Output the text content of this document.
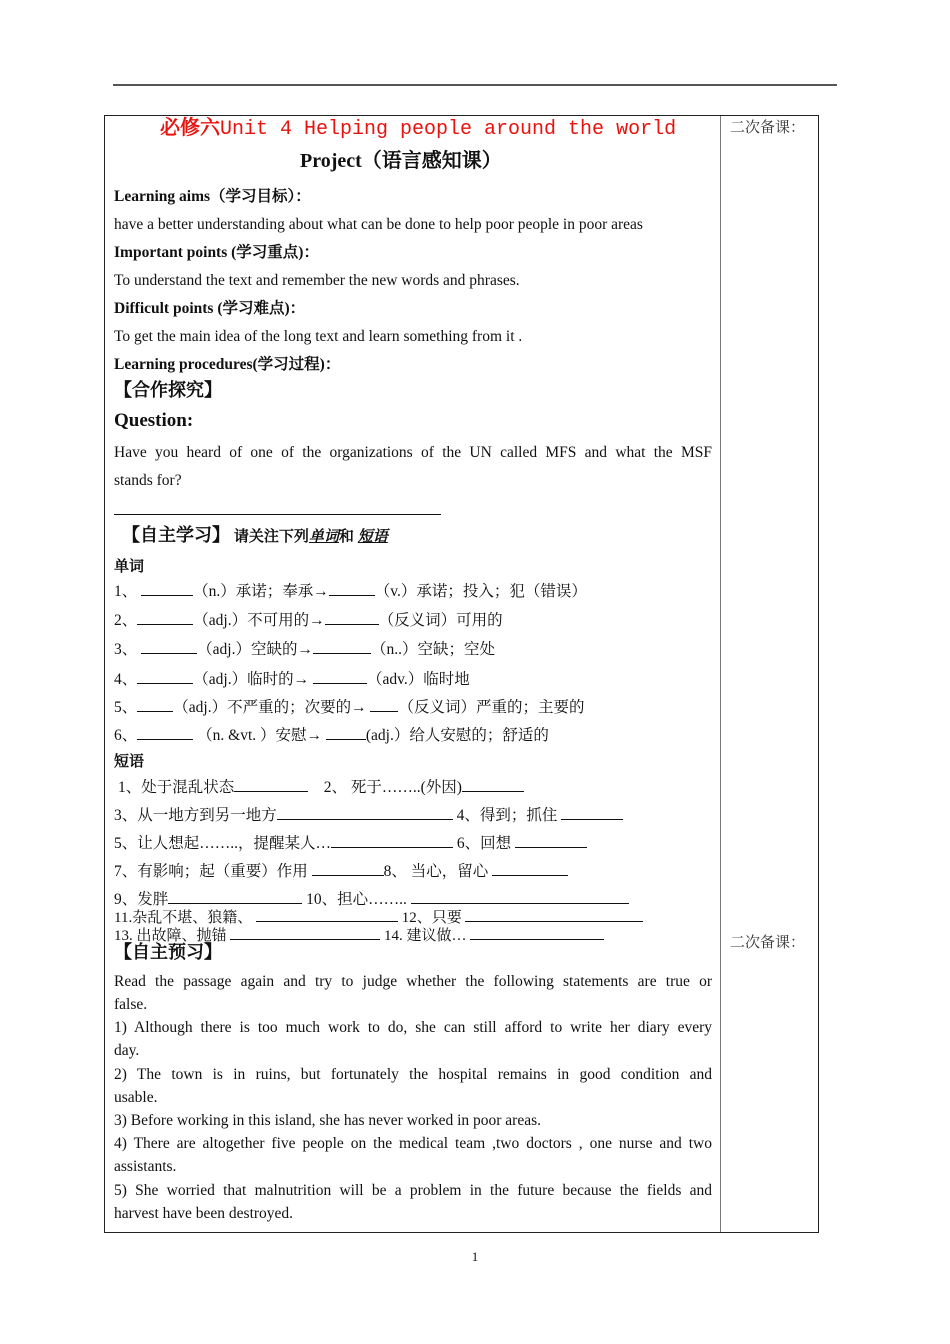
二次备课：
二次备课：
必修六Unit 4 Helping people around the world
Project（语言感知课）
Learning aims（学习目标）：
have a better understanding about what can be done to help poor people in poor areas
Important points (学习重点)：
To understand the text and remember the new words and phrases.
Difficult points (学习难点)：
To get the main idea of the long text and learn something from it .
Learning procedures(学习过程)：
【合作探究】
Question:
Have you heard of one of the organizations of the UN called MFS and what the MSF
stands for?
【自主学习】 请关注下列单词和 短语
单词
1、	（n.）承诺；奉承→	（v.）承诺；投入；犯（错误）
2、	（adj.）不可用的→	（反义词）可用的
3、	（adj.）空缺的→	（n..）空缺；空处
4、	（adj.）临时的→	（adv.）临时地
5、 （adj.）不严重的；次要的→ （反义词）严重的；主要的
6、	（n. &vt. ）安慰→	(adj.）给人安慰的；舒适的
短语
1、处于混乱状态	2、 死于……..(外因)
3、从一地方到另一地方	4、得到；抓住
5、让人想起……..，提醒某人…	6、回想
7、有影响；起（重要）作用	8、 当心，留心
9、发胖	10、担心……..
11.杂乱不堪、狼籍、	12、只要
13. 出故障、抛锚	14. 建议做…
【自主预习】
Read the passage again and try to judge whether the following statements are true or
false.
1) Although there is too much work to do, she can still afford to write her diary every
day.
2) The town is in ruins, but fortunately the hospital remains in good condition and
usable.
3) Before working in this island, she has never worked in poor areas.
4) There are altogether five people on the medical team ,two doctors , one nurse and two
assistants.
5) She worried that malnutrition will be a problem in the future because the fields and
harvest have been destroyed.
1
